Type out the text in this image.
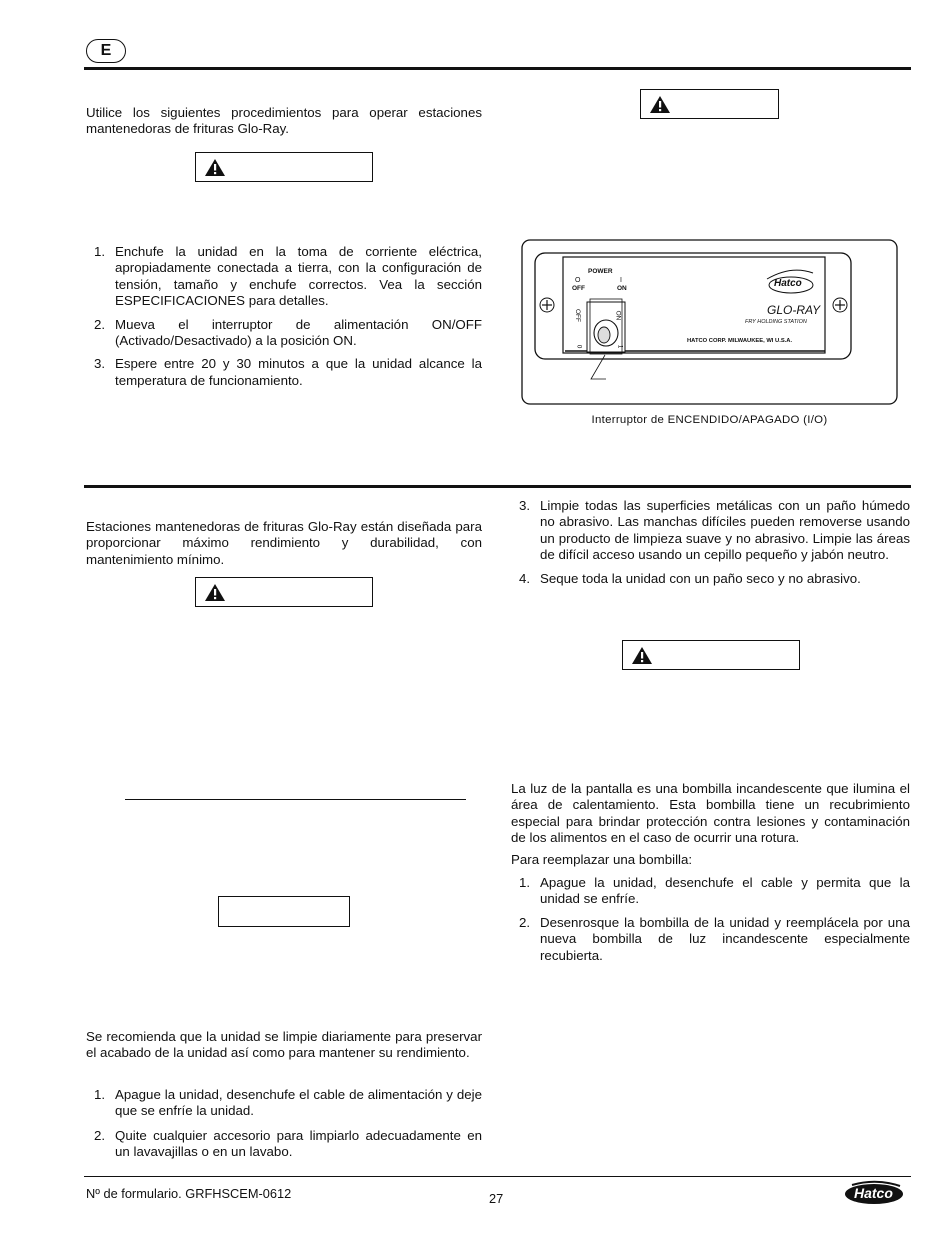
E

Utilice los siguientes procedimientos para operar estaciones mantenedoras de frituras Glo-Ray.

1. Enchufe la unidad en la toma de corriente eléctrica, apropiadamente conectada a tierra, con la configuración de tensión, tamaño y enchufe correctos. Vea la sección ESPECIFICACIONES para detalles.
2. Mueva el interruptor de alimentación ON/OFF (Activado/Desactivado) a la posición ON.
3. Espere entre 20 y 30 minutos a que la unidad alcance la temperatura de funcionamiento.
POWER
O
OFF
I
ON
OFF	ON
0	1
Hatco
GLO-RAY
FRY HOLDING STATION
HATCO CORP. MILWAUKEE, WI U.S.A.
Interruptor de ENCENDIDO/APAGADO (I/O)

Estaciones mantenedoras de frituras Glo-Ray están diseñada para proporcionar máximo rendimiento y durabilidad, con mantenimiento mínimo.

Se recomienda que la unidad se limpie diariamente para preservar el acabado de la unidad así como para mantener su rendimiento.

1. Apague la unidad, desenchufe el cable de alimentación y deje que se enfríe la unidad.
2. Quite cualquier accesorio para limpiarlo adecuadamente en un lavavajillas o en un lavabo.
3. Limpie todas las superficies metálicas con un paño húmedo no abrasivo. Las manchas difíciles pueden removerse usando un producto de limpieza suave y no abrasivo. Limpie las áreas de difícil acceso usando un cepillo pequeño y jabón neutro.
4. Seque toda la unidad con un paño seco y no abrasivo.

La luz de la pantalla es una bombilla incandescente que ilumina el área de calentamiento. Esta bombilla tiene un recubrimiento especial para brindar protección contra lesiones y contaminación de los alimentos en el caso de ocurrir una rotura.

Para reemplazar una bombilla:

1. Apague la unidad, desenchufe el cable y permita que la unidad se enfríe.
2. Desenrosque la bombilla de la unidad y reemplácela por una nueva bombilla de luz incandescente especialmente recubierta.
Nº de formulario. GRFHSCEM-0612	27	Hatco
